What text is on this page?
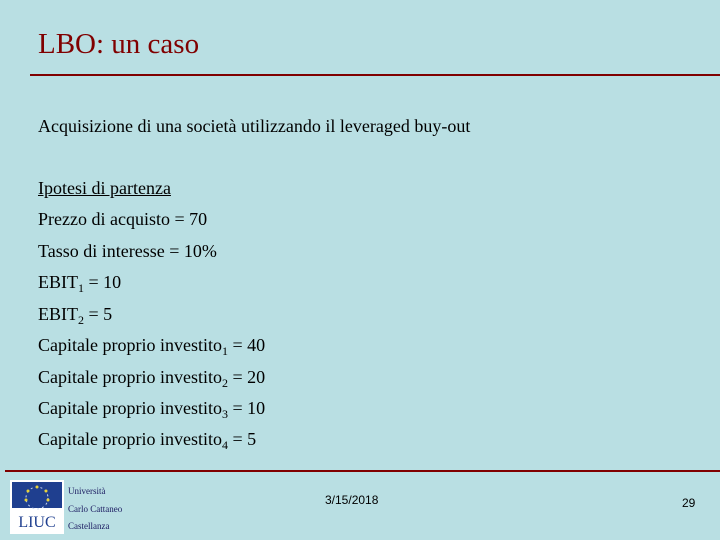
LBO: un caso
Acquisizione di una società utilizzando il leveraged buy-out
Ipotesi di partenza
Prezzo di acquisto = 70
Tasso di interesse = 10%
$EBIT_1 = 10$
$EBIT_2 = 5$
Capitale proprio investito$_1$ = 40
Capitale proprio investito$_2$ = 20
Capitale proprio investito$_3$ = 10
Capitale proprio investito$_4$ = 5
LIUC
Università
Carlo Cattaneo
Castellanza
3/15/2018	29
